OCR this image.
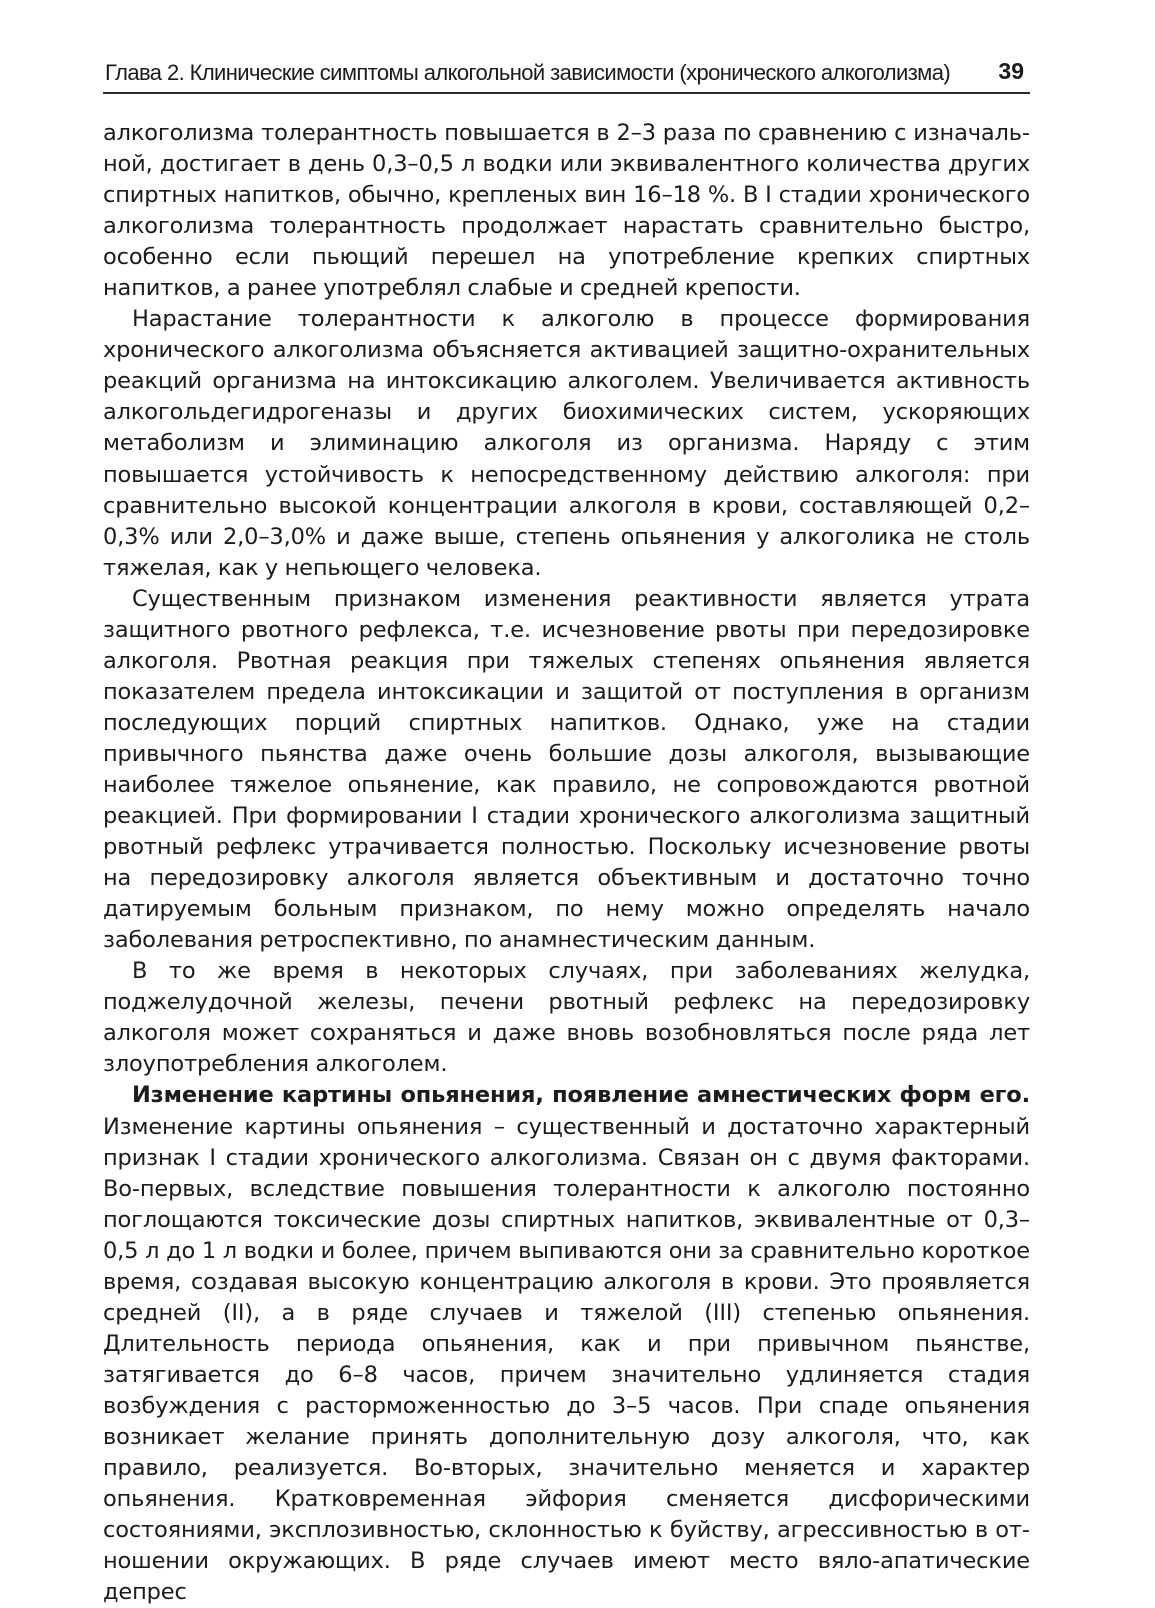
Глава 2. Клинические симптомы алкогольной зависимости (хронического алкоголизма) 39

алкоголизма толерантность повышается в 2–3 раза по сравнению с изначальной, достигает в день 0,3–0,5 л водки или эквивалентного количества других спиртных напитков, обычно, крепленых вин 16–18 %. В I стадии хронического алкоголизма толерантность продолжает нарастать сравнительно быстро, особенно если пьющий перешел на употребление крепких спиртных напитков, а ранее употреблял слабые и средней крепости.

Нарастание толерантности к алкоголю в процессе формирования хронического алкоголизма объясняется активацией защитно-охранительных реакций организма на интоксикацию алкоголем. Увеличивается активность алкогольдегидрогеназы и других биохимических систем, ускоряющих метаболизм и элиминацию алкоголя из организма. Наряду с этим повышается устойчивость к непосредственному действию алкоголя: при сравнительно высокой концентрации алкоголя в крови, составляющей 0,2–0,3% или 2,0–3,0% и даже выше, степень опьянения у алкоголика не столь тяжелая, как у непьющего человека.

Существенным признаком изменения реактивности является утрата защитного рвотного рефлекса, т.е. исчезновение рвоты при передозировке алкоголя. Рвотная реакция при тяжелых степенях опьянения является показателем предела интоксикации и защитой от поступления в организм последующих порций спиртных напитков. Однако, уже на стадии привычного пьянства даже очень большие дозы алкоголя, вызывающие наиболее тяжелое опьянение, как правило, не сопровождаются рвотной реакцией. При формировании I стадии хронического алкоголизма защитный рвотный рефлекс утрачивается полностью. Поскольку исчезновение рвоты на передозировку алкоголя является объективным и достаточно точно датируемым больным признаком, по нему можно определять начало заболевания ретроспективно, по анамнестическим данным.

В то же время в некоторых случаях, при заболеваниях желудка, поджелудочной железы, печени рвотный рефлекс на передозировку алкоголя может сохраняться и даже вновь возобновляться после ряда лет злоупотребления алкоголем.

Изменение картины опьянения, появление амнестических форм его. Изменение картины опьянения – существенный и достаточно характерный признак I стадии хронического алкоголизма. Связан он с двумя факторами. Во-первых, вследствие повышения толерантности к алкоголю постоянно поглощаются токсические дозы спиртных напитков, эквивалентные от 0,3–0,5 л до 1 л водки и более, причем выпиваются они за сравнительно короткое время, создавая высокую концентрацию алкоголя в крови. Это проявляется средней (II), а в ряде случаев и тяжелой (III) степенью опьянения. Длительность периода опьянения, как и при привычном пьянстве, затягивается до 6–8 часов, причем значительно удлиняется стадия возбуждения с расторможенностью до 3–5 часов. При спаде опьянения возникает желание принять дополнительную дозу алкоголя, что, как правило, реализуется. Во-вторых, значительно меняется и характер опьянения. Кратковременная эйфория сменяется дисфорическими состояниями, эксплозивностью, склонностью к буйству, агрессивностью в отношении окружающих. В ряде случаев имеют место вяло-апатические депрес
